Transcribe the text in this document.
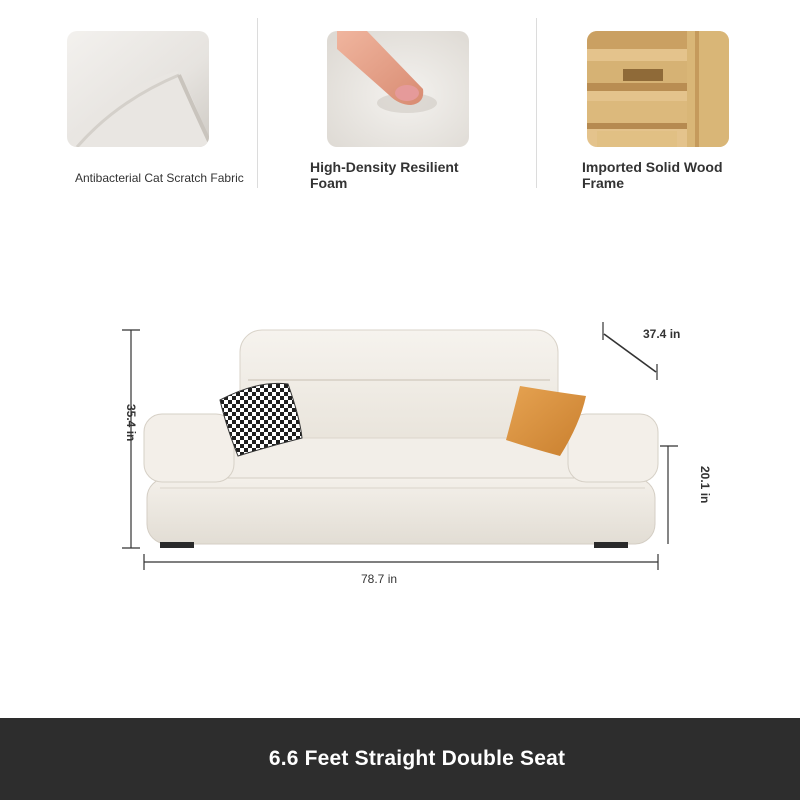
Antibacterial Cat Scratch Fabric
High-Density Resilient Foam
Imported Solid Wood Frame
37.4 in
35.4 in
20.1 in
78.7 in
6.6 Feet Straight Double Seat
